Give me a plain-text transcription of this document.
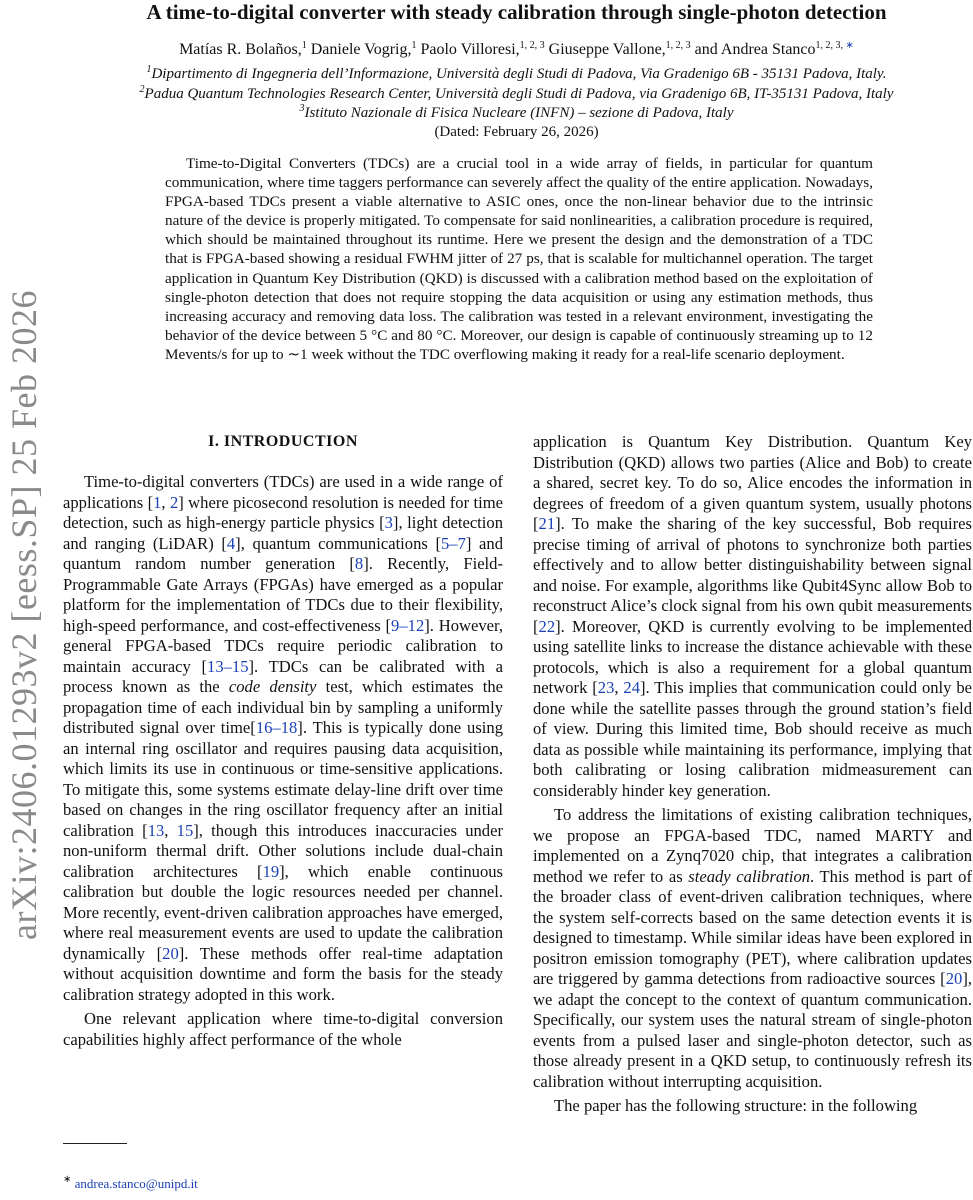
arXiv:2406.01293v2 [eess.SP] 25 Feb 2026
A time-to-digital converter with steady calibration through single-photon detection
Matías R. Bolaños,$^1$ Daniele Vogrig,$^1$ Paolo Villoresi,$^{1, 2, 3}$ Giuseppe Vallone,$^{1, 2, 3}$ and Andrea Stanco$^{1, 2, 3, ∗}$
$^1$Dipartimento di Ingegneria dell’Informazione, Università degli Studi di Padova, Via Gradenigo 6B - 35131 Padova, Italy.
$^2$Padua Quantum Technologies Research Center, Università degli Studi di Padova, via Gradenigo 6B, IT-35131 Padova, Italy
$^3$Istituto Nazionale di Fisica Nucleare (INFN) – sezione di Padova, Italy
(Dated: February 26, 2026)

Time-to-Digital Converters (TDCs) are a crucial tool in a wide array of fields, in particular for quantum communication, where time taggers performance can severely affect the quality of the entire application. Nowadays, FPGA-based TDCs present a viable alternative to ASIC ones, once the non-linear behavior due to the intrinsic nature of the device is properly mitigated. To compensate for said nonlinearities, a calibration procedure is required, which should be maintained throughout its runtime. Here we present the design and the demonstration of a TDC that is FPGA-based showing a residual FWHM jitter of 27 ps, that is scalable for multichannel operation. The target application in Quantum Key Distribution (QKD) is discussed with a calibration method based on the exploitation of single-photon detection that does not require stopping the data acquisition or using any estimation methods, thus increasing accuracy and removing data loss. The calibration was tested in a relevant environment, investigating the behavior of the device between 5 °C and 80 °C. Moreover, our design is capable of continuously streaming up to 12 Mevents/s for up to ∼1 week without the TDC overflowing making it ready for a real-life scenario deployment.

I. INTRODUCTION

Time-to-digital converters (TDCs) are used in a wide range of applications [1, 2] where picosecond resolution is needed for time detection, such as high-energy particle physics [3], light detection and ranging (LiDAR) [4], quantum communications [5–7] and quantum random number generation [8]. Recently, Field-Programmable Gate Arrays (FPGAs) have emerged as a popular platform for the implementation of TDCs due to their flexibility, high-speed performance, and cost-effectiveness [9–12]. However, general FPGA-based TDCs require periodic calibration to maintain accuracy [13–15]. TDCs can be calibrated with a process known as the code density test, which estimates the propagation time of each individual bin by sampling a uniformly distributed signal over time[16–18]. This is typically done using an internal ring oscillator and requires pausing data acquisition, which limits its use in continuous or time-sensitive applications. To mitigate this, some systems estimate delay-line drift over time based on changes in the ring oscillator frequency after an initial calibration [13, 15], though this introduces inaccuracies under non-uniform thermal drift. Other solutions include dual-chain calibration architectures [19], which enable continuous calibration but double the logic resources needed per channel. More recently, event-driven calibration approaches have emerged, where real measurement events are used to update the calibration dynamically [20]. These methods offer real-time adaptation without acquisition downtime and form the basis for the steady calibration strategy adopted in this work.

One relevant application where time-to-digital conversion capabilities highly affect performance of the whole

application is Quantum Key Distribution. Quantum Key Distribution (QKD) allows two parties (Alice and Bob) to create a shared, secret key. To do so, Alice encodes the information in degrees of freedom of a given quantum system, usually photons [21]. To make the sharing of the key successful, Bob requires precise timing of arrival of photons to synchronize both parties effectively and to allow better distinguishability between signal and noise. For example, algorithms like Qubit4Sync allow Bob to reconstruct Alice’s clock signal from his own qubit measurements [22]. Moreover, QKD is currently evolving to be implemented using satellite links to increase the distance achievable with these protocols, which is also a requirement for a global quantum network [23, 24]. This implies that communication could only be done while the satellite passes through the ground station’s field of view. During this limited time, Bob should receive as much data as possible while maintaining its performance, implying that both calibrating or losing calibration midmeasurement can considerably hinder key generation.

To address the limitations of existing calibration techniques, we propose an FPGA-based TDC, named MARTY and implemented on a Zynq7020 chip, that integrates a calibration method we refer to as steady calibration. This method is part of the broader class of event-driven calibration techniques, where the system self-corrects based on the same detection events it is designed to timestamp. While similar ideas have been explored in positron emission tomography (PET), where calibration updates are triggered by gamma detections from radioactive sources [20], we adapt the concept to the context of quantum communication. Specifically, our system uses the natural stream of single-photon events from a pulsed laser and single-photon detector, such as those already present in a QKD setup, to continuously refresh its calibration without interrupting acquisition.

The paper has the following structure: in the following

∗ andrea.stanco@unipd.it
